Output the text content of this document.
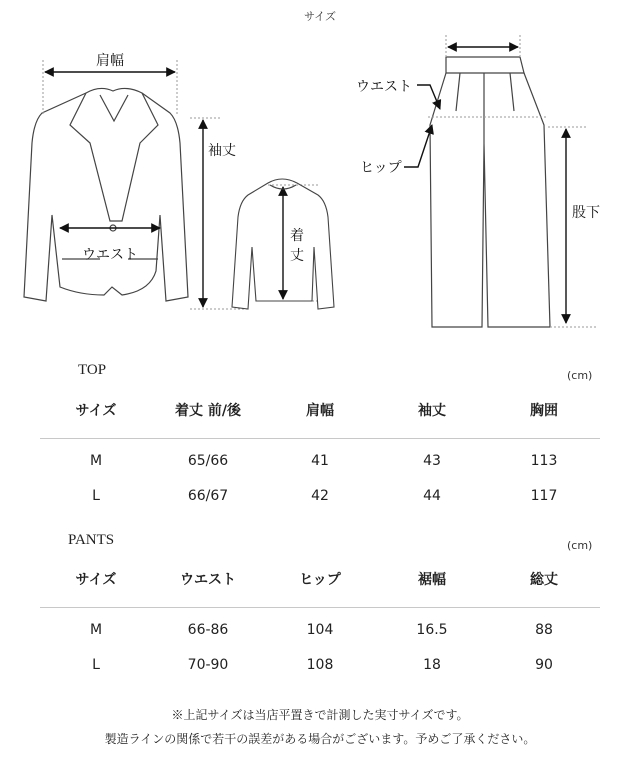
サイズ
肩幅
袖丈
ウエスト
着
丈
ウエスト
ヒップ
股下
TOP	(cm)
サイズ	着丈 前/後	肩幅	袖丈	胸囲
M	65/66	41	43	113
L	66/67	42	44	117
PANTS	(cm)
サイズ	ウエスト	ヒップ	裾幅	総丈
M	66-86	104	16.5	88
L	70-90	108	18	90
※上記サイズは当店平置きで計測した実寸サイズです。
製造ラインの関係で若干の誤差がある場合がございます。予めご了承ください。
